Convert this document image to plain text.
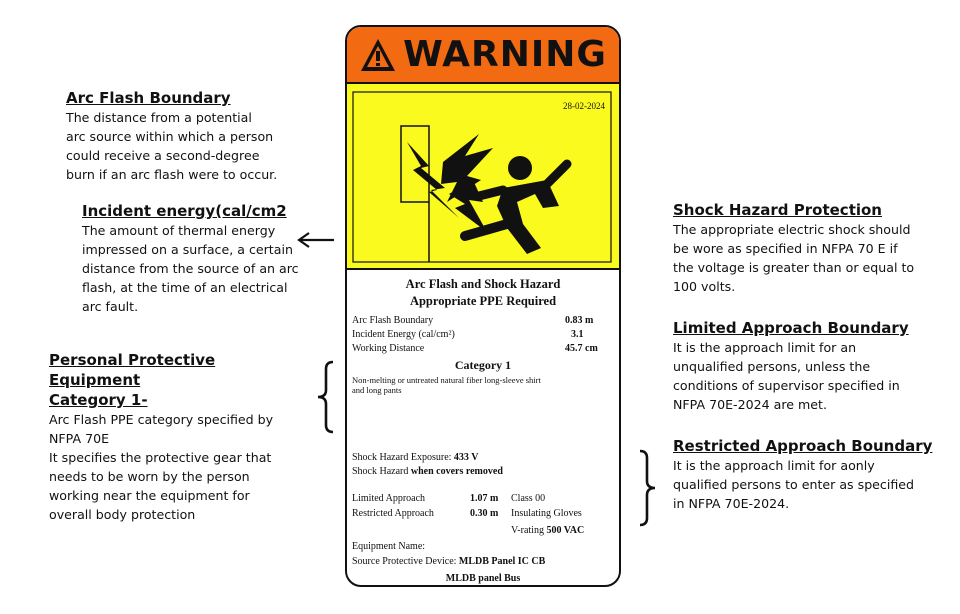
Arc Flash Boundary

The distance from a potential

arc source within which a person

could receive a second-degree

burn if an arc flash were to occur.

Incident energy(cal/cm2

The amount of thermal energy

impressed on a surface, a certain

distance from the source of an arc

flash, at the time of an electrical

arc fault.

Personal Protective Equipment
Category 1-

Arc Flash PPE category specified by

NFPA 70E

It specifies the protective gear that

needs to be worn by the person

working near the equipment for

overall body protection

Shock Hazard Protection

The appropriate electric shock should

be wore as specified in NFPA 70 E if

the voltage is greater than or equal to

100 volts.

Limited Approach Boundary

It is the approach limit for an

unqualified persons, unless the

conditions of supervisor specified in

NFPA 70E-2024 are met.

Restricted Approach Boundary

It is the approach limit for aonly

qualified persons to enter as specified

in NFPA 70E-2024.

WARNING
28-02-2024
Arc Flash and Shock Hazard
Appropriate PPE Required
Arc Flash Boundary	0.83 m
Incident Energy (cal/cm²)	3.1
Working Distance	45.7 cm
Category 1
Non-melting or untreated natural fiber long-sleeve shirt
and long pants
Shock Hazard Exposure: 433 V
Shock Hazard when covers removed
Limited Approach	1.07 m Class 00
Restricted Approach	0.30 m Insulating Gloves
V-rating 500 VAC
Equipment Name:
Source Protective Device: MLDB Panel IC CB
MLDB panel Bus
